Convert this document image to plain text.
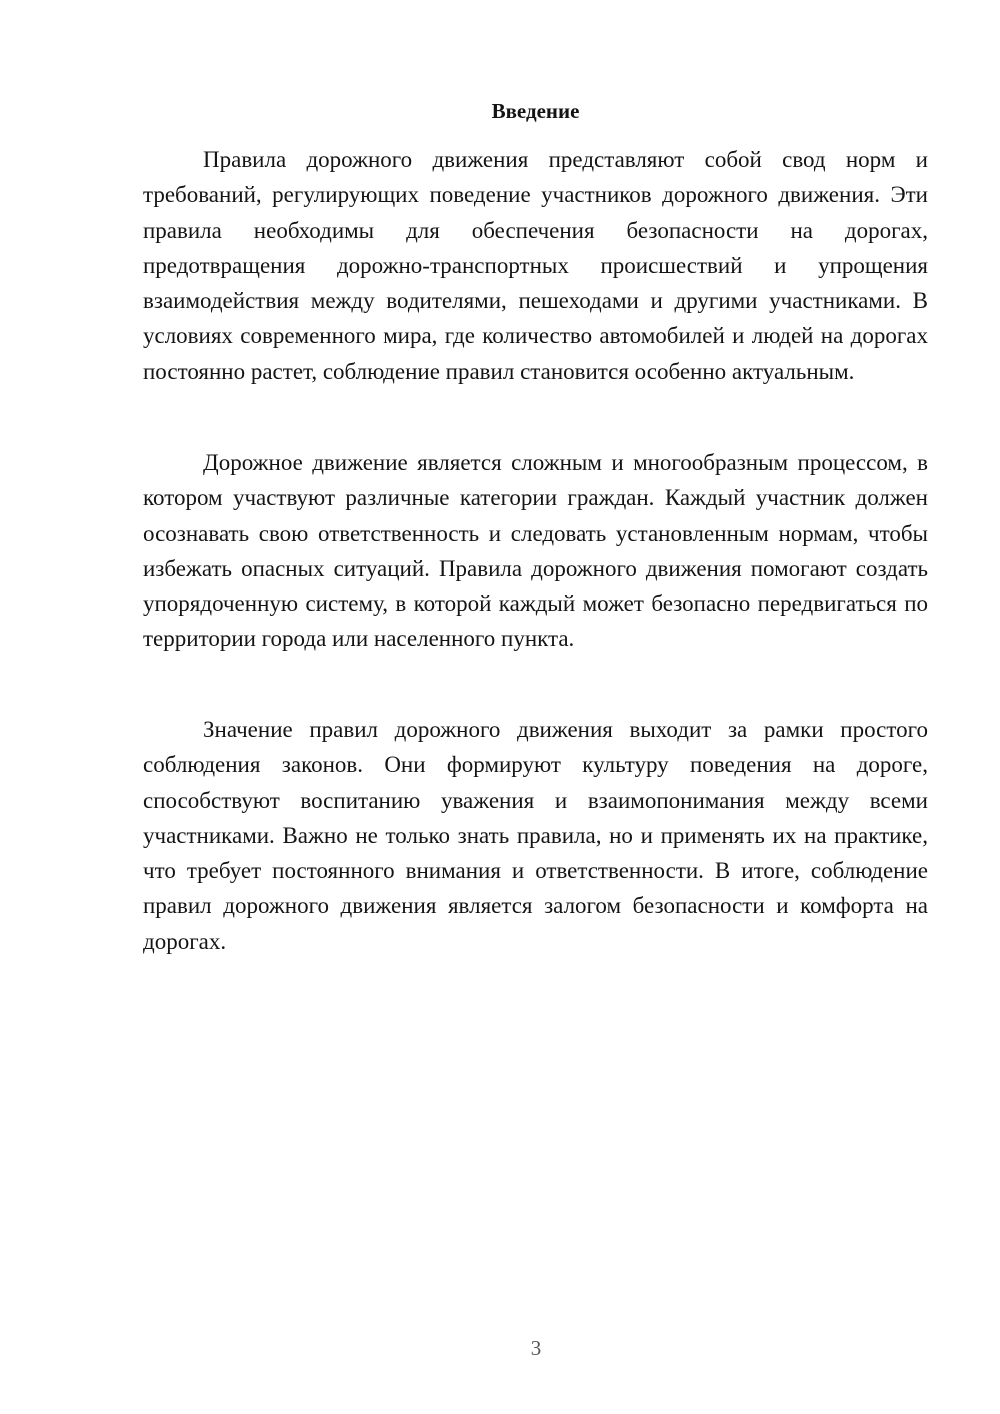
Введение

Правила дорожного движения представляют собой свод норм и требований, регулирующих поведение участников дорожного движения. Эти правила необходимы для обеспечения безопасности на дорогах, предотвращения дорожно-транспортных происшествий и упрощения взаимодействия между водителями, пешеходами и другими участниками. В условиях современного мира, где количество автомобилей и людей на дорогах постоянно растет, соблюдение правил становится особенно актуальным.

Дорожное движение является сложным и многообразным процессом, в котором участвуют различные категории граждан. Каждый участник должен осознавать свою ответственность и следовать установленным нормам, чтобы избежать опасных ситуаций. Правила дорожного движения помогают создать упорядоченную систему, в которой каждый может безопасно передвигаться по территории города или населенного пункта.

Значение правил дорожного движения выходит за рамки простого соблюдения законов. Они формируют культуру поведения на дороге, способствуют воспитанию уважения и взаимопонимания между всеми участниками. Важно не только знать правила, но и применять их на практике, что требует постоянного внимания и ответственности. В итоге, соблюдение правил дорожного движения является залогом безопасности и комфорта на дорогах.

3
